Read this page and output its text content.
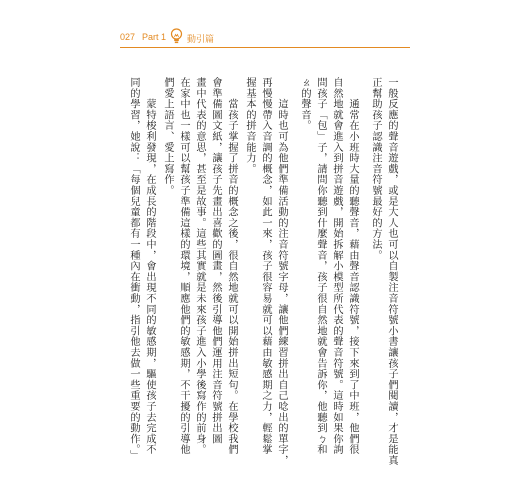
027 Part 1 動引篇
一般反應的聲音遊戲，或是大人也可以自製注音符號小書讓孩子們閱讀，才是能真
正幫助孩子認識注音符號最好的方法。
　　通常在小班時大量的聽聲音，藉由聲音認識符號，接下來到了中班，他們很
自然地就會進入到拼音遊戲，開始拆解小模型所代表的聲音符號。這時如果你詢
問孩子「包」子，請問你聽到什麼聲音，孩子很自然地就會告訴你，他聽到ㄅ和
ㄠ的聲音。
　　這時也可為他們準備活動的注音符號字母，讓他們練習拼出自己唸出的單字，
再慢慢帶入音調的概念，如此一來，孩子很容易就可以藉由敏感期之力，輕鬆掌
握基本的拼音能力。
　　當孩子掌握了拼音的概念之後，很自然地就可以開始拼出短句。在學校我們
會準備圖文紙，讓孩子先畫出喜歡的圖畫，然後引導他們運用注音符號拼出圖
畫中代表的意思，甚至是故事。這些其實就是未來孩子進入小學後寫作的前身。
在家中也一樣可以幫孩子準備這樣的環境，順應他們的敏感期，不干擾的引導他
們愛上語言、愛上寫作。
　　蒙特梭利發現，在成長的階段中，會出現不同的敏感期，驅使孩子去完成不
同的學習，她說：「每個兒童都有一種內在衝動，指引他去做一些重要的動作。」
